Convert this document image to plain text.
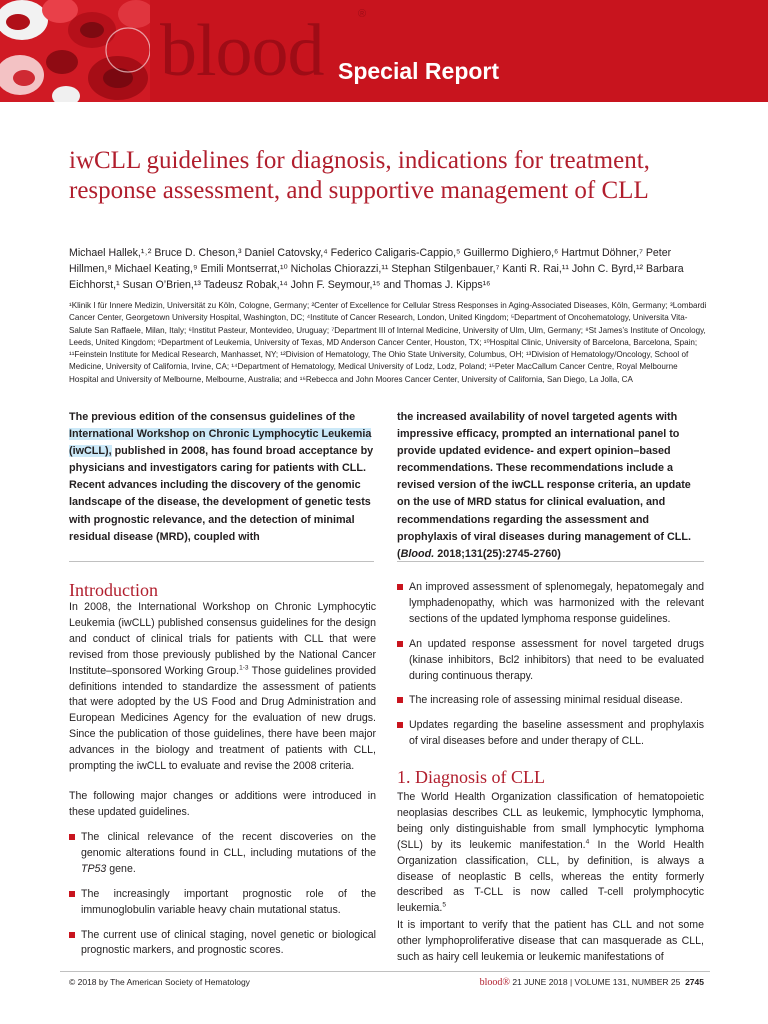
blood	®
Special Report
iwCLL guidelines for diagnosis, indications for treatment, response assessment, and supportive management of CLL
Michael Hallek,¹˒² Bruce D. Cheson,³ Daniel Catovsky,⁴ Federico Caligaris-Cappio,⁵ Guillermo Dighiero,⁶ Hartmut Döhner,⁷ Peter Hillmen,⁸ Michael Keating,⁹ Emili Montserrat,¹⁰ Nicholas Chiorazzi,¹¹ Stephan Stilgenbauer,⁷ Kanti R. Rai,¹¹ John C. Byrd,¹² Barbara Eichhorst,¹ Susan O’Brien,¹³ Tadeusz Robak,¹⁴ John F. Seymour,¹⁵ and Thomas J. Kipps¹⁶
¹Klinik I für Innere Medizin, Universität zu Köln, Cologne, Germany; ²Center of Excellence for Cellular Stress Responses in Aging-Associated Diseases, Köln, Germany; ³Lombardi Cancer Center, Georgetown University Hospital, Washington, DC; ⁴Institute of Cancer Research, London, United Kingdom; ⁵Department of Oncohematology, Universita Vita-Salute San Raffaele, Milan, Italy; ⁶Institut Pasteur, Montevideo, Uruguay; ⁷Department III of Internal Medicine, University of Ulm, Ulm, Germany; ⁸St James’s Institute of Oncology, Leeds, United Kingdom; ⁹Department of Leukemia, University of Texas, MD Anderson Cancer Center, Houston, TX; ¹⁰Hospital Clinic, University of Barcelona, Barcelona, Spain; ¹¹Feinstein Institute for Medical Research, Manhasset, NY; ¹²Division of Hematology, The Ohio State University, Columbus, OH; ¹³Division of Hematology/Oncology, School of Medicine, University of California, Irvine, CA; ¹⁴Department of Hematology, Medical University of Lodz, Lodz, Poland; ¹⁵Peter MacCallum Cancer Centre, Royal Melbourne Hospital and University of Melbourne, Melbourne, Australia; and ¹⁶Rebecca and John Moores Cancer Center, University of California, San Diego, La Jolla, CA
The previous edition of the consensus guidelines of the International Workshop on Chronic Lymphocytic Leukemia (iwCLL), published in 2008, has found broad acceptance by physicians and investigators caring for patients with CLL. Recent advances including the discovery of the genomic landscape of the disease, the development of genetic tests with prognostic relevance, and the detection of minimal residual disease (MRD), coupled with
the increased availability of novel targeted agents with impressive efficacy, prompted an international panel to provide updated evidence- and expert opinion–based recommendations. These recommendations include a revised version of the iwCLL response criteria, an update on the use of MRD status for clinical evaluation, and recommendations regarding the assessment and prophylaxis of viral diseases during management of CLL. (Blood. 2018;131(25):2745-2760)
Introduction
In 2008, the International Workshop on Chronic Lymphocytic Leukemia (iwCLL) published consensus guidelines for the design and conduct of clinical trials for patients with CLL that were revised from those previously published by the National Cancer Institute–sponsored Working Group.$^{1-3}$ Those guidelines provided definitions intended to standardize the assessment of patients that were adopted by the US Food and Drug Administration and European Medicines Agency for the evaluation of new drugs. Since the publication of those guidelines, there have been major advances in the biology and treatment of patients with CLL, prompting the iwCLL to evaluate and revise the 2008 criteria.
The following major changes or additions were introduced in these updated guidelines.
The clinical relevance of the recent discoveries on the genomic alterations found in CLL, including mutations of the TP53 gene.
The increasingly important prognostic role of the immunoglobulin variable heavy chain mutational status.
The current use of clinical staging, novel genetic or biological prognostic markers, and prognostic scores.
An improved assessment of splenomegaly, hepatomegaly and lymphadenopathy, which was harmonized with the relevant sections of the updated lymphoma response guidelines.
An updated response assessment for novel targeted drugs (kinase inhibitors, Bcl2 inhibitors) that need to be evaluated during continuous therapy.
The increasing role of assessing minimal residual disease.
Updates regarding the baseline assessment and prophylaxis of viral diseases before and under therapy of CLL.
1. Diagnosis of CLL
The World Health Organization classification of hematopoietic neoplasias describes CLL as leukemic, lymphocytic lymphoma, being only distinguishable from small lymphocytic lymphoma (SLL) by its leukemic manifestation.$^4$ In the World Health Organization classification, CLL, by definition, is always a disease of neoplastic B cells, whereas the entity formerly described as T-CLL is now called T-cell prolymphocytic leukemia.$^5$
It is important to verify that the patient has CLL and not some other lymphoproliferative disease that can masquerade as CLL, such as hairy cell leukemia or leukemic manifestations of
© 2018 by The American Society of Hematology	blood® 21 JUNE 2018 | VOLUME 131, NUMBER 25 2745
